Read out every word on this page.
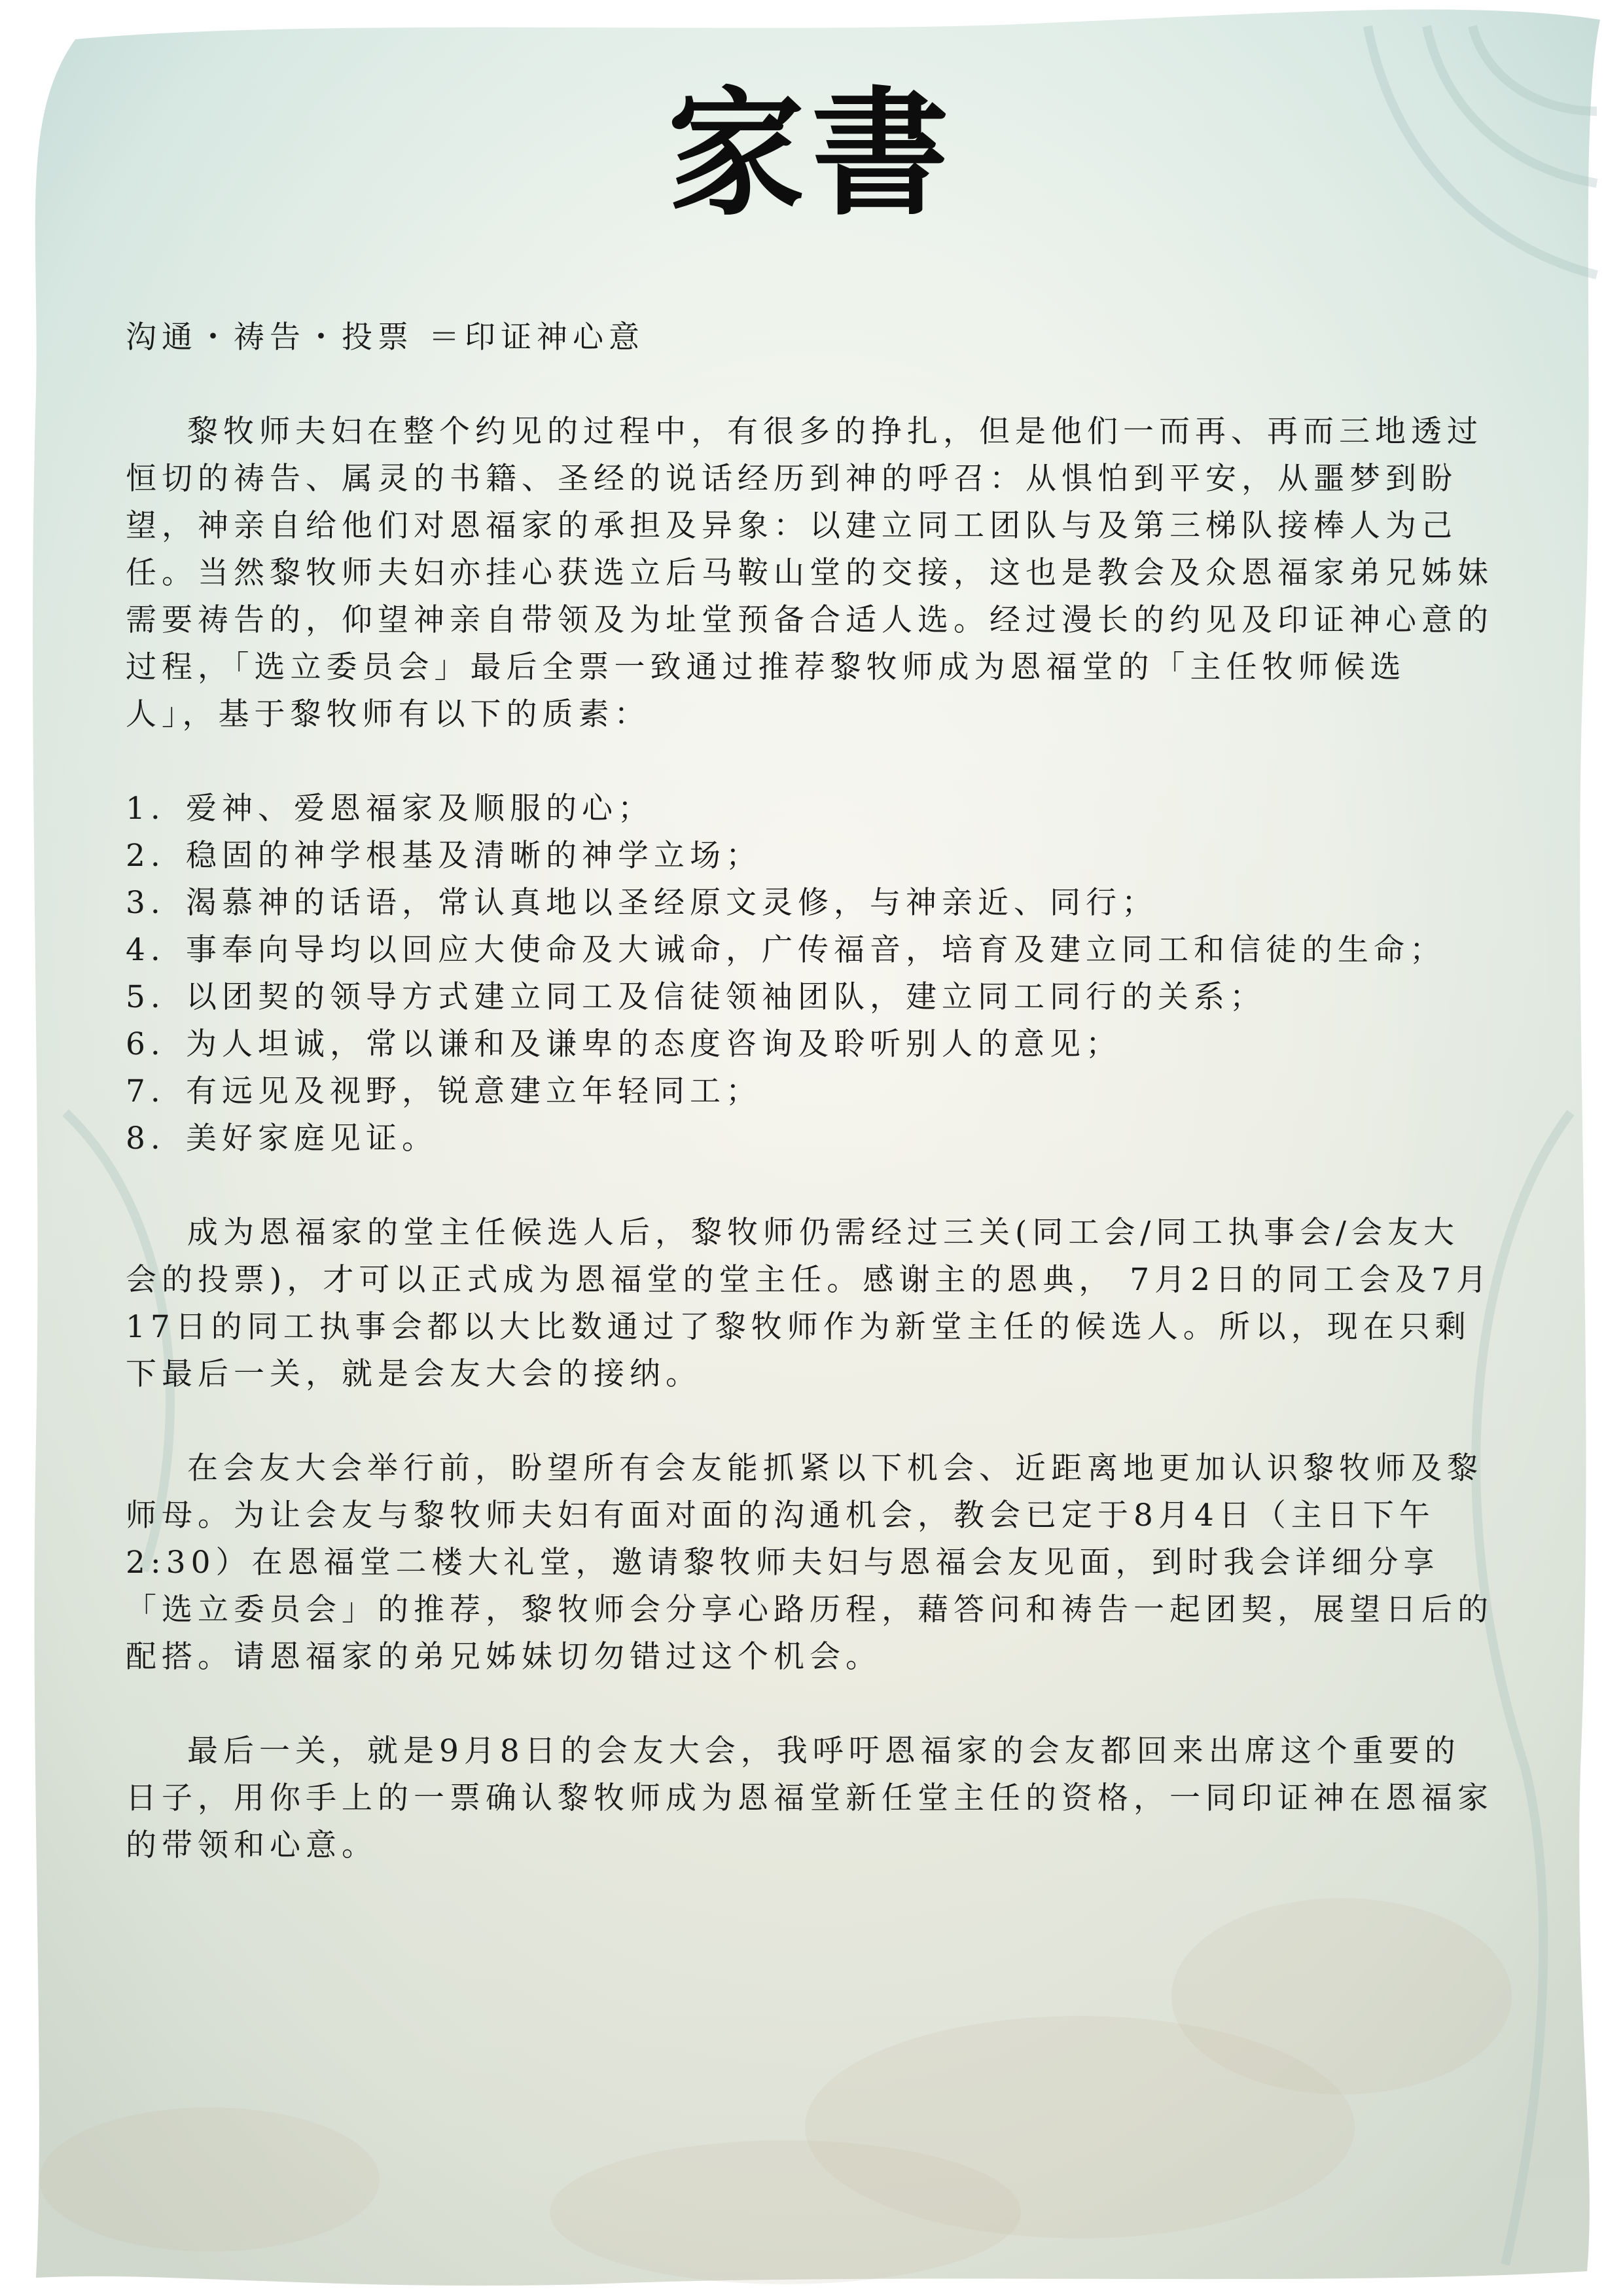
家書

沟通・祷告・投票 ＝印证神心意

黎牧师夫妇在整个约见的过程中，有很多的挣扎，但是他们一而再、再而三地透过恒切的祷告、属灵的书籍、圣经的说话经历到神的呼召：从惧怕到平安，从噩梦到盼望，神亲自给他们对恩福家的承担及异象：以建立同工团队与及第三梯队接棒人为己任。当然黎牧师夫妇亦挂心获选立后马鞍山堂的交接，这也是教会及众恩福家弟兄姊妹需要祷告的，仰望神亲自带领及为址堂预备合适人选。经过漫长的约见及印证神心意的过程，「选立委员会」最后全票一致通过推荐黎牧师成为恩福堂的「主任牧师候选人」，基于黎牧师有以下的质素：

1. 爱神、爱恩福家及顺服的心；
2. 稳固的神学根基及清晰的神学立场；
3. 渴慕神的话语，常认真地以圣经原文灵修，与神亲近、同行；
4. 事奉向导均以回应大使命及大诫命，广传福音，培育及建立同工和信徒的生命；
5. 以团契的领导方式建立同工及信徒领袖团队，建立同工同行的关系；
6. 为人坦诚，常以谦和及谦卑的态度咨询及聆听别人的意见；
7. 有远见及视野，锐意建立年轻同工；
8. 美好家庭见证。

成为恩福家的堂主任候选人后，黎牧师仍需经过三关(同工会/同工执事会/会友大会的投票)，才可以正式成为恩福堂的堂主任。感谢主的恩典， 7月2日的同工会及7月17日的同工执事会都以大比数通过了黎牧师作为新堂主任的候选人。所以，现在只剩下最后一关，就是会友大会的接纳。

在会友大会举行前，盼望所有会友能抓紧以下机会、近距离地更加认识黎牧师及黎师母。为让会友与黎牧师夫妇有面对面的沟通机会，教会已定于8月4日（主日下午2:30）在恩福堂二楼大礼堂，邀请黎牧师夫妇与恩福会友见面，到时我会详细分享「选立委员会」的推荐，黎牧师会分享心路历程，藉答问和祷告一起团契，展望日后的配搭。请恩福家的弟兄姊妹切勿错过这个机会。

最后一关，就是9月8日的会友大会，我呼吁恩福家的会友都回来出席这个重要的日子，用你手上的一票确认黎牧师成为恩福堂新任堂主任的资格，一同印证神在恩福家的带领和心意。
